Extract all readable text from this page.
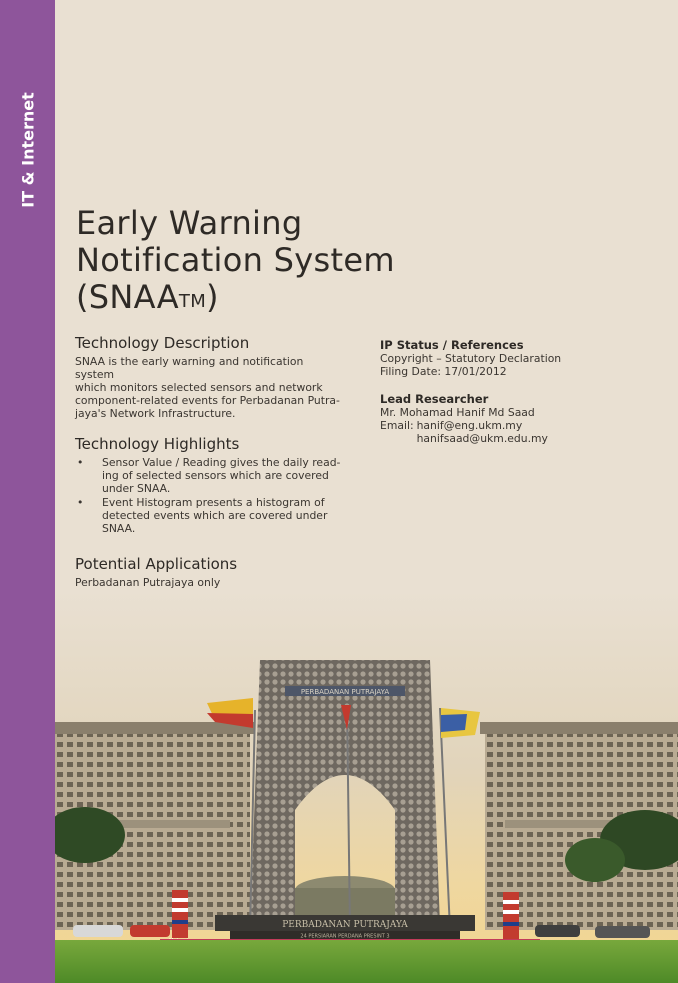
IT & Internet
Early Warning
Notification System
(SNAA™)
Technology Description

SNAA is the early warning and notification system
which monitors selected sensors and network
component-related events for Perbadanan Putra-
jaya's Network Infrastructure.

Technology Highlights
• Sensor Value / Reading gives the daily read-
ing of selected sensors which are covered
under SNAA.
• Event Histogram presents a histogram of
detected events which are covered under
SNAA.
Potential Applications

Perbadanan Putrajaya only

IP Status / References

Copyright – Statutory Declaration

Filing Date: 17/01/2012

Lead Researcher

Mr. Mohamad Hanif Md Saad

Email: hanif@eng.ukm.my

hanifsaad@ukm.edu.my

PERBADANAN PUTRAJAYA
PERBADANAN PUTRAJAYA
24 PERSIARAN PERDANA PRESINT 3
